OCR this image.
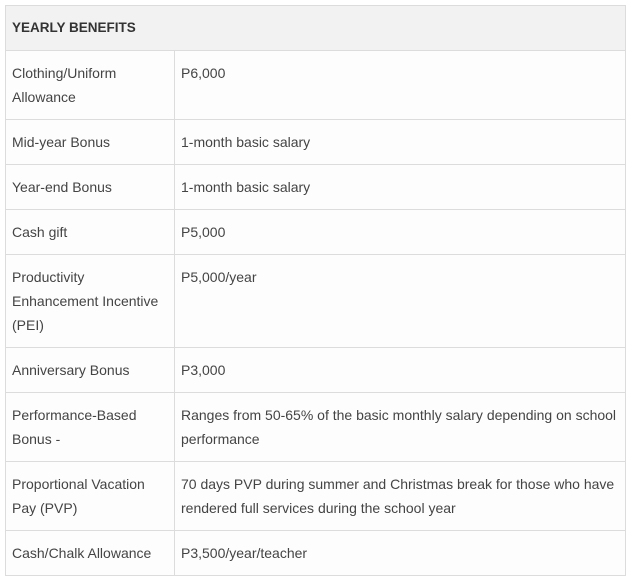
YEARLY BENEFITS	
Clothing/Uniform Allowance	P6,000
Mid-year Bonus	1-month basic salary
Year-end Bonus	1-month basic salary
Cash gift	P5,000
Productivity Enhancement Incentive (PEI)	P5,000/year
Anniversary Bonus	P3,000
Performance-Based Bonus -	Ranges from 50-65% of the basic monthly salary depending on school performance
Proportional Vacation Pay (PVP)	70 days PVP during summer and Christmas break for those who have rendered full services during the school year
Cash/Chalk Allowance	P3,500/year/teacher
